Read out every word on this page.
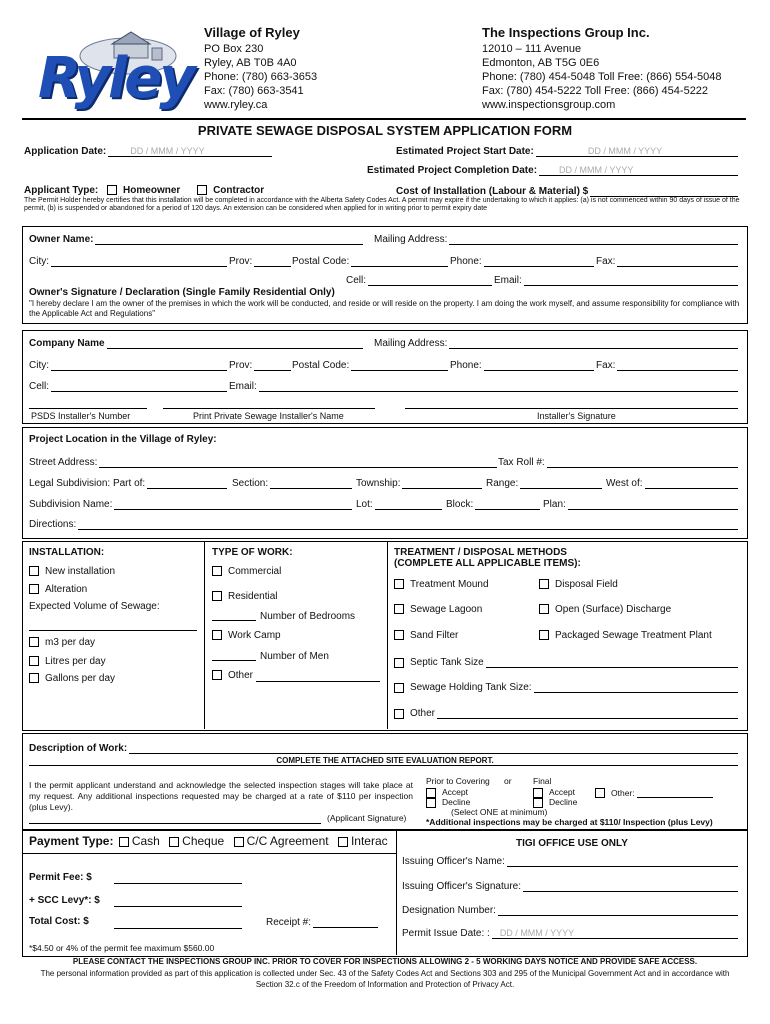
Ryley
Village of Ryley
PO Box 230
Ryley, AB T0B 4A0
Phone: (780) 663-3653
Fax: (780) 663-3541
www.ryley.ca
The Inspections Group Inc.
12010 – 111 Avenue
Edmonton, AB T5G 0E6
Phone: (780) 454-5048 Toll Free: (866) 554-5048
Fax: (780) 454-5222 Toll Free: (866) 454-5222
www.inspectionsgroup.com
PRIVATE SEWAGE DISPOSAL SYSTEM APPLICATION FORM
Application Date:	DD / MMM / YYYY	Estimated Project Start Date:	DD / MMM / YYYY
Estimated Project Completion Date: DD / MMM / YYYY
Applicant Type: Homeowner	Contractor	Cost of Installation (Labour & Material) $
The Permit Holder hereby certifies that this installation will be completed in accordance with the Alberta Safety Codes Act. A permit may expire if the undertaking to which it applies: (a) is not commenced within 90 days of issue of the permit, (b) is suspended or abandoned for a period of 120 days. An extension can be considered when applied for in writing prior to permit expiry date
Owner Name:	Mailing Address:
City:	Prov:	Postal Code:	Phone:	Fax:
Cell:	Email:
Owner's Signature / Declaration (Single Family Residential Only)
"I hereby declare I am the owner of the premises in which the work will be conducted, and reside or will reside on the property. I am doing the work myself, and assume responsibility for compliance with the Applicable Act and Regulations"
Company Name	Mailing Address:
City:	Prov:	Postal Code:	Phone:	Fax:
Cell:	Email:
PSDS Installer's Number	Print Private Sewage Installer's Name	Installer's Signature
Project Location in the Village of Ryley:
Street Address:	Tax Roll #:
Legal Subdivision: Part of:	Section:	Township:	Range:	West of:
Subdivision Name:	Lot:	Block:	Plan:
Directions:
INSTALLATION:
New installation
Alteration
Expected Volume of Sewage:
m3 per day
Litres per day
Gallons per day
TYPE OF WORK:
Commercial
Residential
Number of Bedrooms
Work Camp
Number of Men
Other
TREATMENT / DISPOSAL METHODS
(COMPLETE ALL APPLICABLE ITEMS):
Treatment Mound	Disposal Field
Sewage Lagoon	Open (Surface) Discharge
Sand Filter	Packaged Sewage Treatment Plant
Septic Tank Size
Sewage Holding Tank Size:
Other
Description of Work:
COMPLETE THE ATTACHED SITE EVALUATION REPORT.
I the permit applicant understand and acknowledge the selected inspection stages will take place at my request. Any additional inspections requested may be charged at a rate of $110 per inspection (plus Levy).
(Applicant Signature)
Prior to Covering or	Final
Accept
Decline
Accept
Decline
Other:
(Select ONE at minimum)
*Additional inspections may be charged at $110/ Inspection (plus Levy)
Payment Type: Cash Cheque C/C Agreement Interac
Permit Fee: $
+ SCC Levy*: $
Total Cost: $	Receipt #:
*$4.50 or 4% of the permit fee maximum $560.00
TIGI OFFICE USE ONLY
Issuing Officer's Name:
Issuing Officer's Signature:
Designation Number:
Permit Issue Date: : DD / MMM / YYYY
PLEASE CONTACT THE INSPECTIONS GROUP INC. PRIOR TO COVER FOR INSPECTIONS ALLOWING 2 - 5 WORKING DAYS NOTICE AND PROVIDE SAFE ACCESS.
The personal information provided as part of this application is collected under Sec. 43 of the Safety Codes Act and Sections 303 and 295 of the Municipal Government Act and in accordance with Section 32.c of the Freedom of Information and Protection of Privacy Act.
